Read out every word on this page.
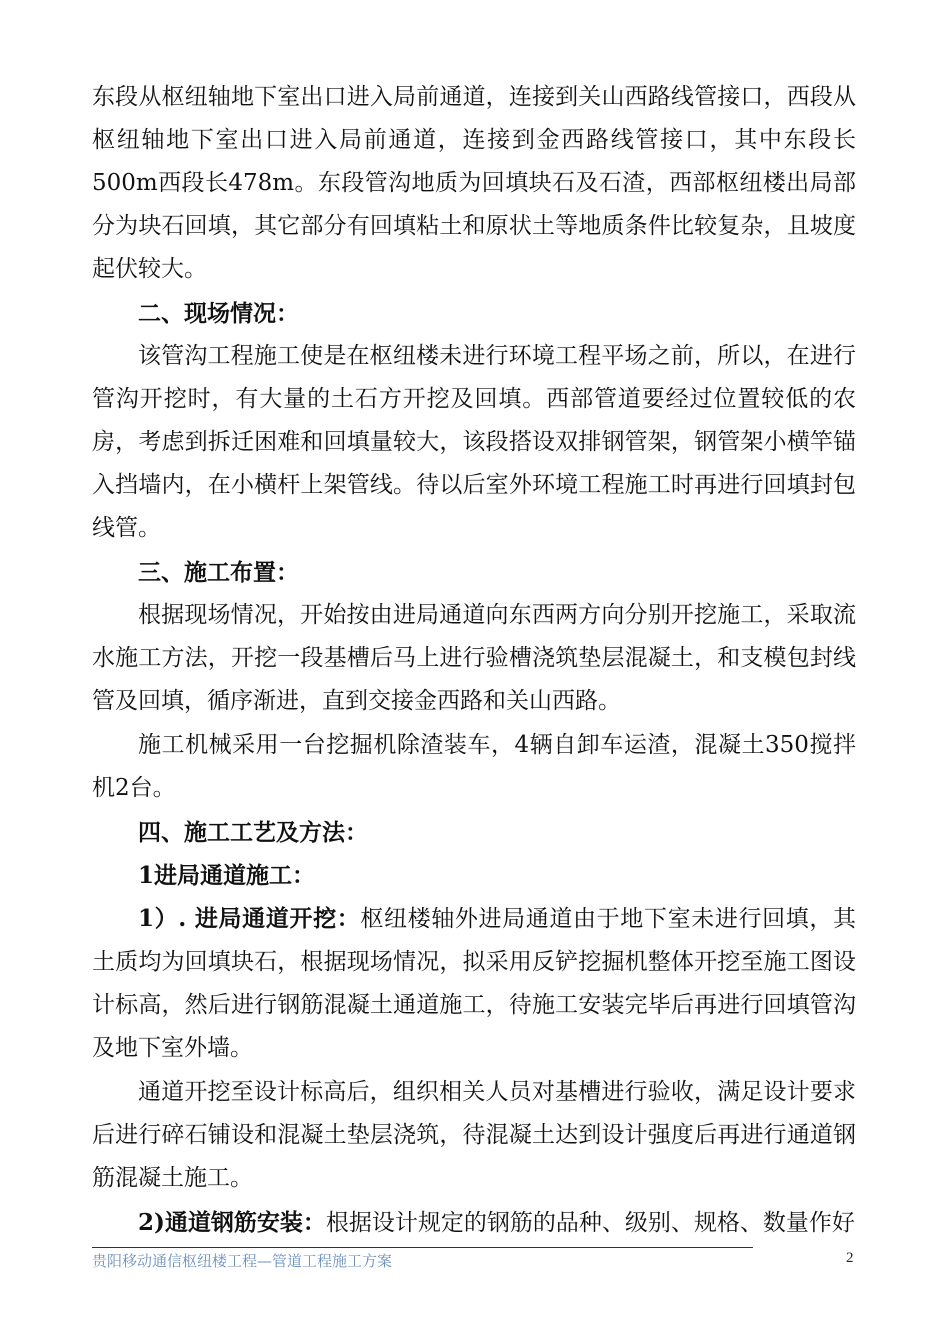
东段从枢纽轴地下室出口进入局前通道，连接到关山西路线管接口，西段从枢纽轴地下室出口进入局前通道，连接到金西路线管接口，其中东段长500m西段长478m。东段管沟地质为回填块石及石渣，西部枢纽楼出局部分为块石回填，其它部分有回填粘土和原状土等地质条件比较复杂，且坡度起伏较大。

二、现场情况：

该管沟工程施工使是在枢纽楼未进行环境工程平场之前，所以，在进行管沟开挖时，有大量的土石方开挖及回填。西部管道要经过位置较低的农房，考虑到拆迁困难和回填量较大，该段搭设双排钢管架，钢管架小横竿锚入挡墙内，在小横杆上架管线。待以后室外环境工程施工时再进行回填封包线管。

三、施工布置：

根据现场情况，开始按由进局通道向东西两方向分别开挖施工，采取流水施工方法，开挖一段基槽后马上进行验槽浇筑垫层混凝土，和支模包封线管及回填，循序渐进，直到交接金西路和关山西路。

施工机械采用一台挖掘机除渣装车，4辆自卸车运渣，混凝土350搅拌机2台。

四、施工工艺及方法：

1进局通道施工：

1）. 进局通道开挖：枢纽楼轴外进局通道由于地下室未进行回填，其土质均为回填块石，根据现场情况，拟采用反铲挖掘机整体开挖至施工图设计标高，然后进行钢筋混凝土通道施工，待施工安装完毕后再进行回填管沟及地下室外墙。

通道开挖至设计标高后，组织相关人员对基槽进行验收，满足设计要求后进行碎石铺设和混凝土垫层浇筑，待混凝土达到设计强度后再进行通道钢筋混凝土施工。

2)通道钢筋安装：根据设计规定的钢筋的品种、级别、规格、数量作好

贵阳移动通信枢纽楼工程—管道工程施工方案	2
